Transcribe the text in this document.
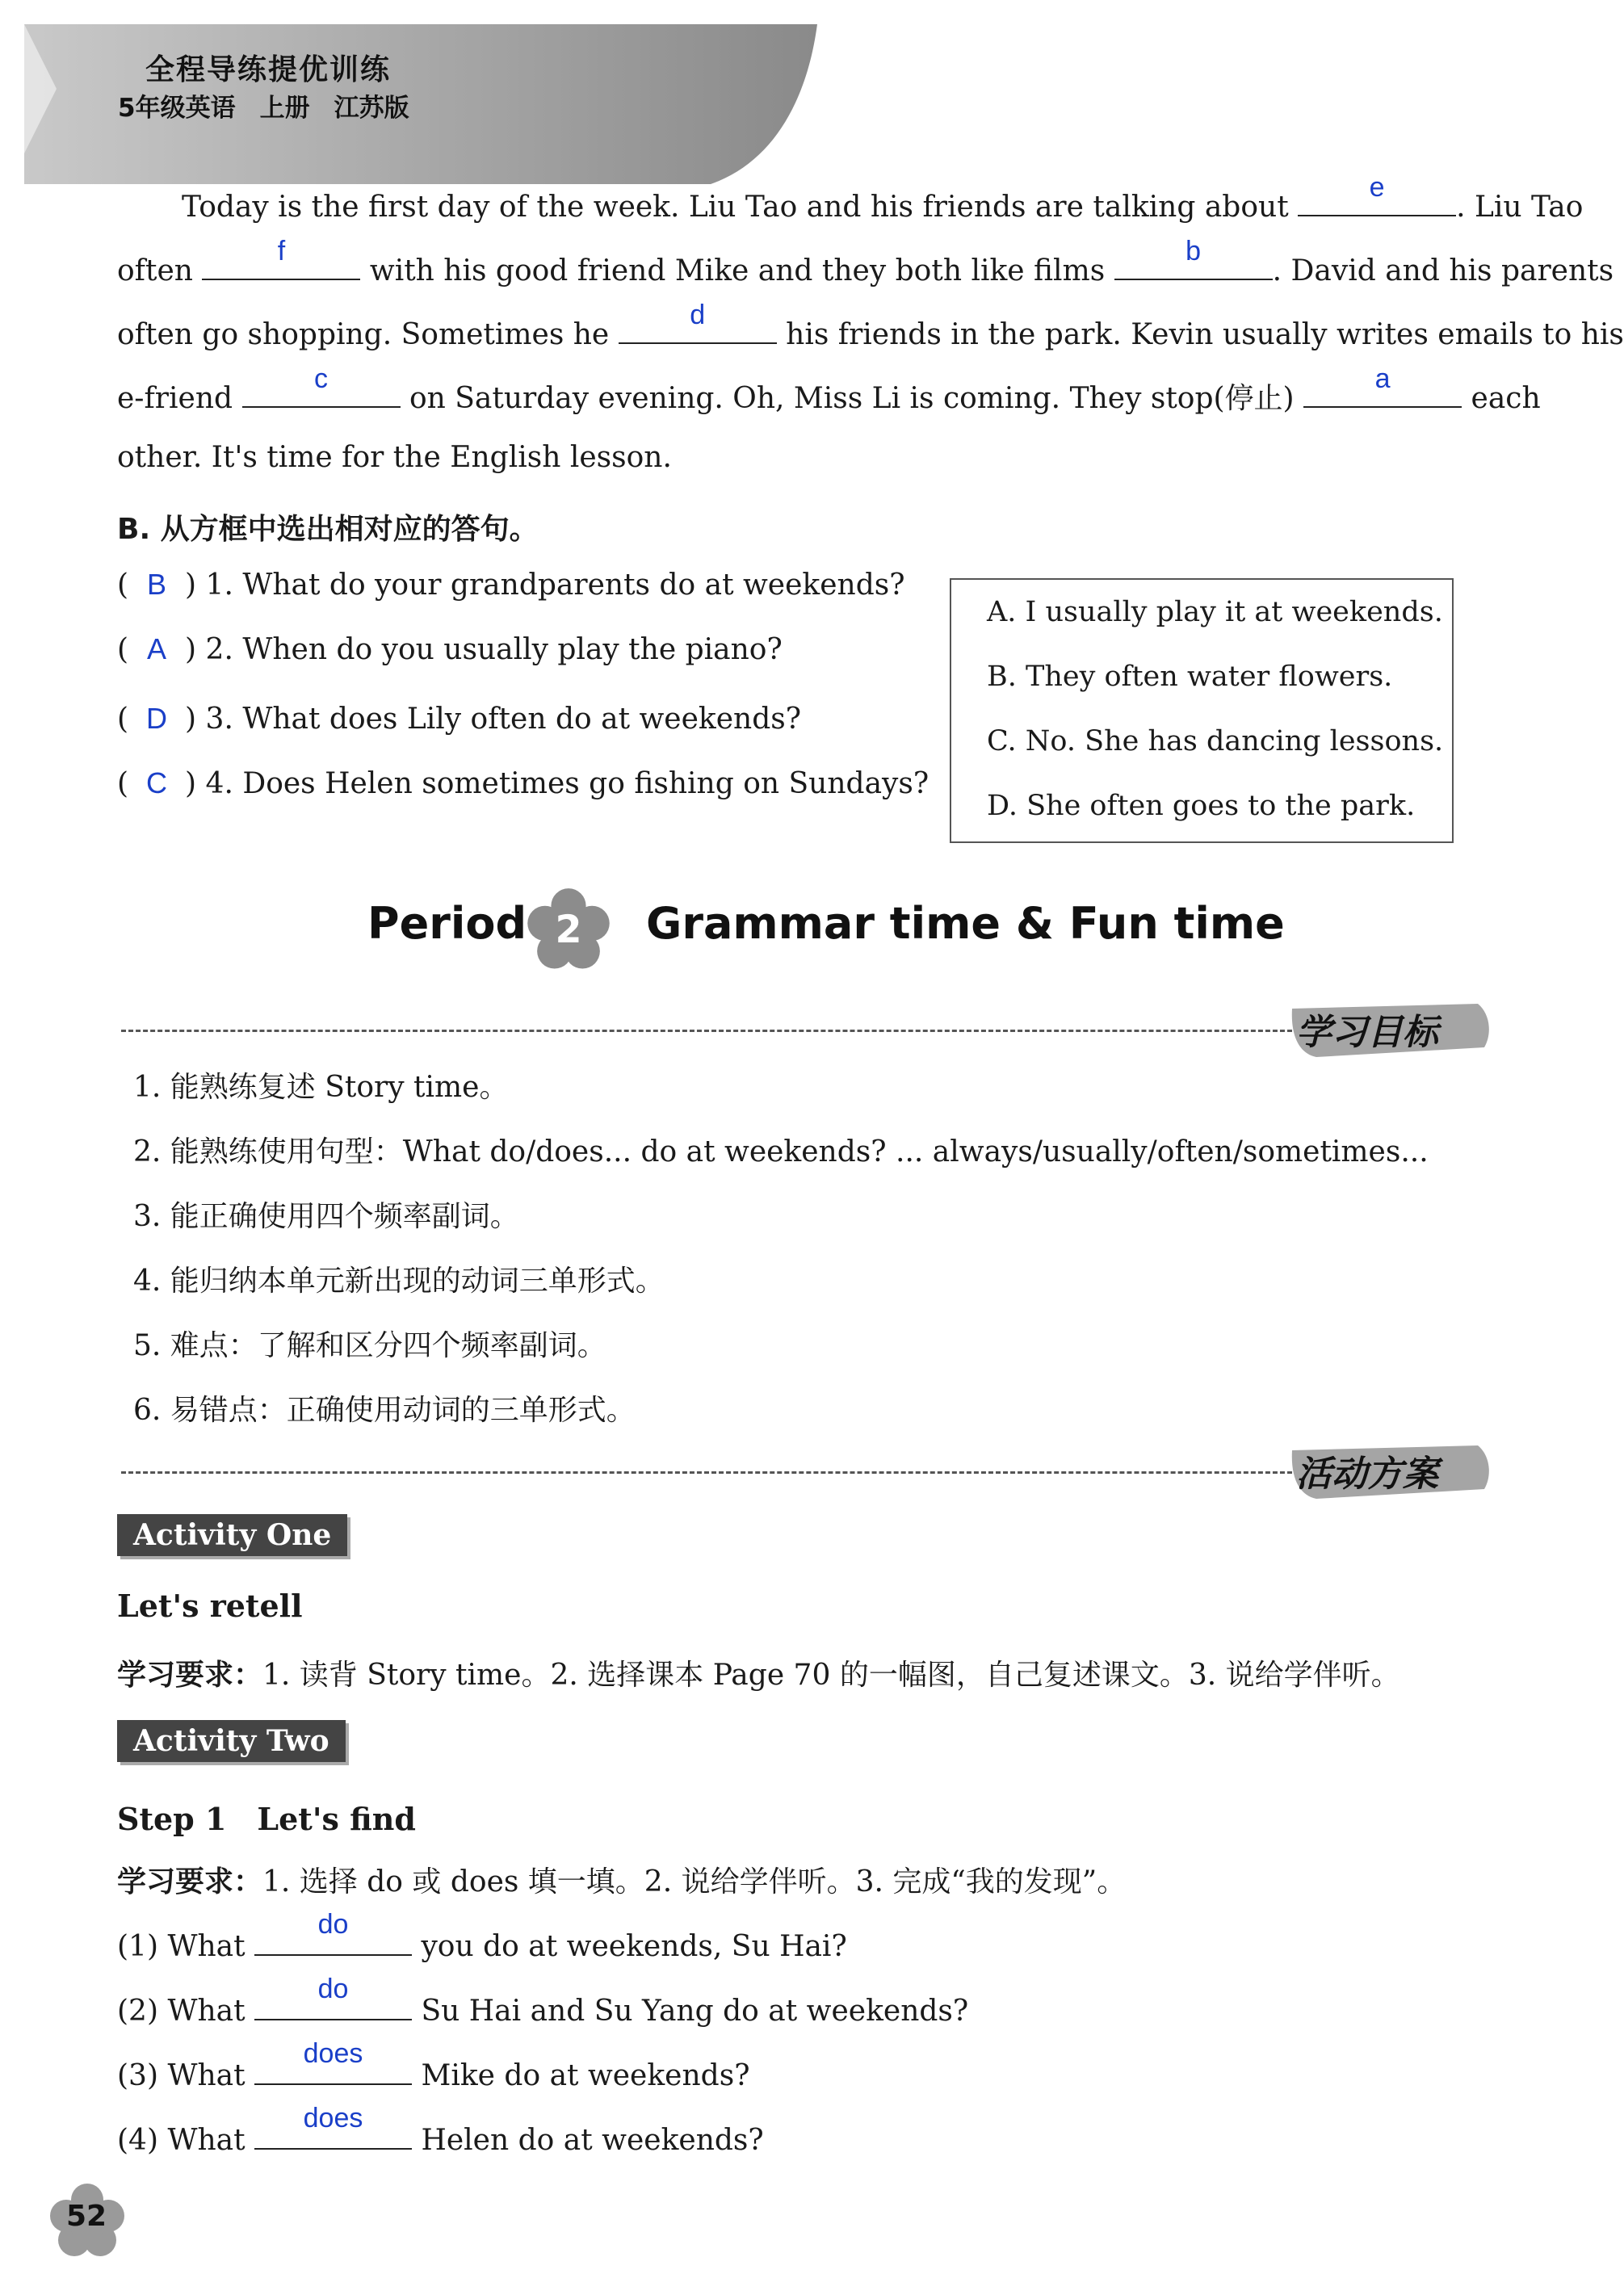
全程导练提优训练
5年级英语 上册 江苏版
Today is the first day of the week. Liu Tao and his friends are talking about
e
. Liu Tao
often
f
with his good friend Mike and they both like films
b
. David and his parents
often go shopping. Sometimes he
d
his friends in the park. Kevin usually writes emails to his
e-friend
c
on Saturday evening. Oh, Miss Li is coming. They stop(停止)
a
each
other. It's time for the English lesson.
B. 从方框中选出相对应的答句。
( B ) 1. What do your grandparents do at weekends?
( A ) 2. When do you usually play the piano?
( D ) 3. What does Lily often do at weekends?
( C ) 4. Does Helen sometimes go fishing on Sundays?
A. I usually play it at weekends.
B. They often water flowers.
C. No. She has dancing lessons.
D. She often goes to the park.
Period 2 Grammar time & Fun time
学习目标
1. 能熟练复述 Story time。
2. 能熟练使用句型：What do/does... do at weekends? ... always/usually/often/sometimes...
3. 能正确使用四个频率副词。
4. 能归纳本单元新出现的动词三单形式。
5. 难点：了解和区分四个频率副词。
6. 易错点：正确使用动词的三单形式。
活动方案
Activity One
Let's retell
学习要求：1. 读背 Story time。2. 选择课本 Page 70 的一幅图，自己复述课文。3. 说给学伴听。
Activity Two
Step 1　Let's find
学习要求：1. 选择 do 或 does 填一填。2. 说给学伴听。3. 完成“我的发现”。
(1) What
do
you do at weekends, Su Hai?
(2) What
do
Su Hai and Su Yang do at weekends?
(3) What
does
Mike do at weekends?
(4) What
does
Helen do at weekends?
52
